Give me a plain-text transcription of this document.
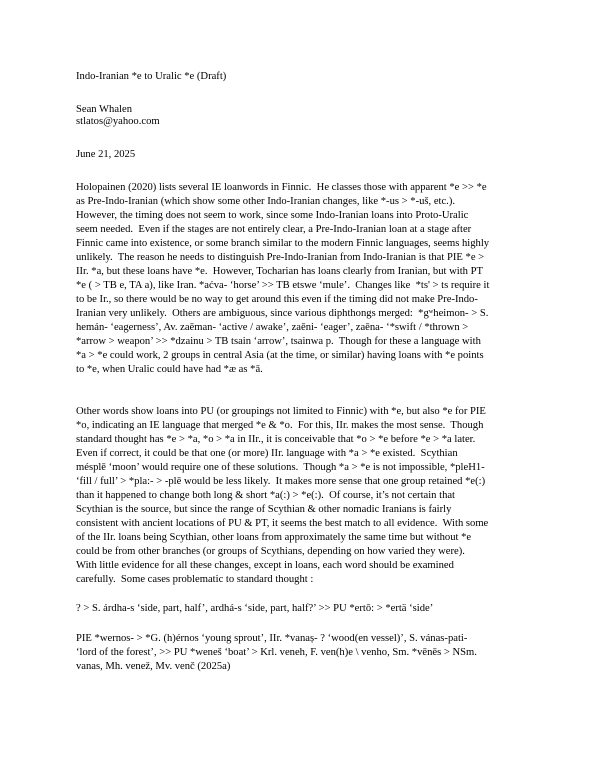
Indo-Iranian *e to Uralic *e (Draft)
Sean Whalen
stlatos@yahoo.com
June 21, 2025
Holopainen (2020) lists several IE loanwords in Finnic.  He classes those with apparent *e >> *e
as Pre-Indo-Iranian (which show some other Indo-Iranian changes, like *-us > *-uš, etc.).
However, the timing does not seem to work, since some Indo-Iranian loans into Proto-Uralic
seem needed.  Even if the stages are not entirely clear, a Pre-Indo-Iranian loan at a stage after
Finnic came into existence, or some branch similar to the modern Finnic languages, seems highly
unlikely.  The reason he needs to distinguish Pre-Indo-Iranian from Indo-Iranian is that PIE *e >
IIr. *a, but these loans have *e.  However, Tocharian has loans clearly from Iranian, but with PT
*e ( > TB e, TA a), like Iran. *aćva- ‘horse’ >> TB etswe ‘mule’.  Changes like  *ts' > ts require it
to be Ir., so there would be no way to get around this even if the timing did not make Pre-Indo-
Iranian very unlikely.  Others are ambiguous, since various diphthongs merged:  *gʷheimon- > S.
hemán- ‘eagerness’, Av. zaēman- ‘active / awake’, zaēni- ‘eager’, zaēna- ‘*swift / *thrown >
*arrow > weapon’ >> *dzainu > TB tsain ‘arrow’, tsainwa p.  Though for these a language with
*a > *e could work, 2 groups in central Asia (at the time, or similar) having loans with *e points
to *e, when Uralic could have had *æ as *ā.
Other words show loans into PU (or groupings not limited to Finnic) with *e, but also *e for PIE
*o, indicating an IE language that merged *e & *o.  For this, IIr. makes the most sense.  Though
standard thought has *e > *a, *o > *a in IIr., it is conceivable that *o > *e before *e > *a later.
Even if correct, it could be that one (or more) IIr. language with *a > *e existed.  Scythian
mésplē ‘moon’ would require one of these solutions.  Though *a > *e is not impossible, *pleH1-
‘fill / full’ > *pla:- > -plē would be less likely.  It makes more sense that one group retained *e(:)
than it happened to change both long & short *a(:) > *e(:).  Of course, it’s not certain that
Scythian is the source, but since the range of Scythian & other nomadic Iranians is fairly
consistent with ancient locations of PU & PT, it seems the best match to all evidence.  With some
of the IIr. loans being Scythian, other loans from approximately the same time but without *e
could be from other branches (or groups of Scythians, depending on how varied they were).
With little evidence for all these changes, except in loans, each word should be examined
carefully.  Some cases problematic to standard thought :
? > S. árdha-s ‘side, part, half’, ardhá-s ‘side, part, half?’ >> PU *ertō: > *ertä ‘side’
PIE *wernos- > *G. (h)érnos ‘young sprout’, IIr. *vanaș- ? ‘wood(en vessel)’, S. vánas-pati-
‘lord of the forest’, >> PU *weneš ‘boat’ > Krl. veneh, F. ven(h)e \ venho, Sm. *vēnēs > NSm.
vanas, Mh. venež, Mv. venč (2025a)
